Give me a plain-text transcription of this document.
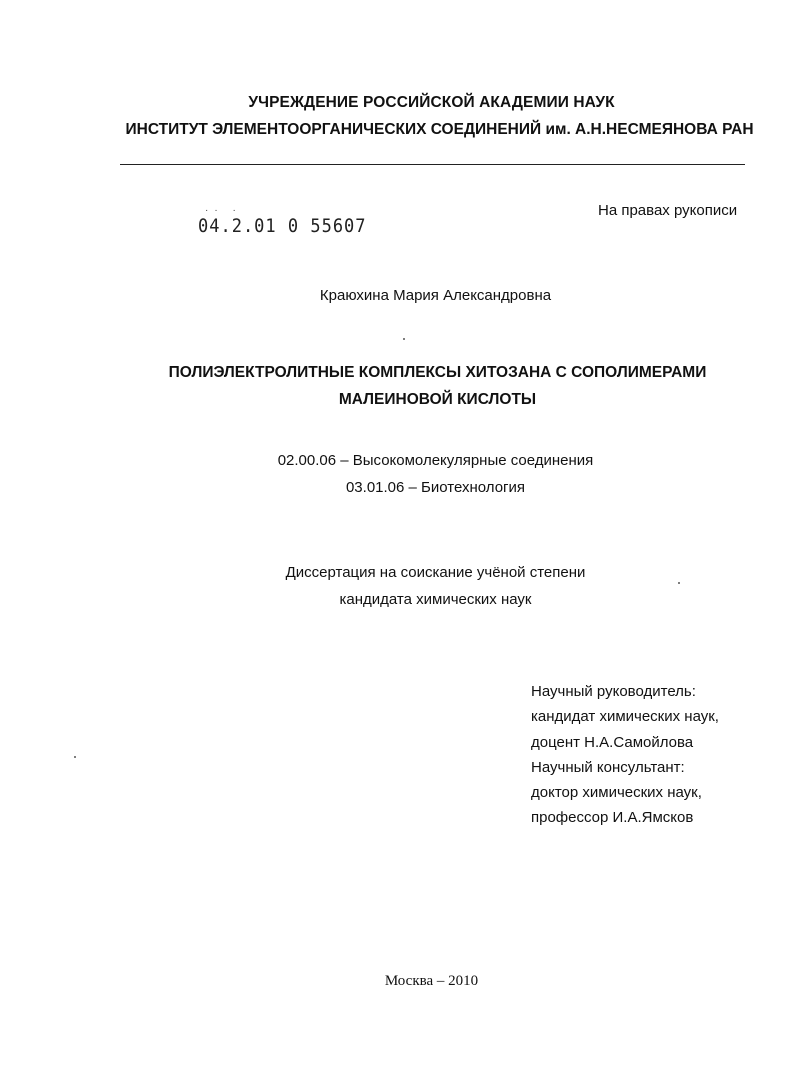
УЧРЕЖДЕНИЕ РОССИЙСКОЙ АКАДЕМИИ НАУК
ИНСТИТУТ ЭЛЕМЕНТООРГАНИЧЕСКИХ СОЕДИНЕНИЙ им. А.Н.НЕСМЕЯНОВА РАН
·· ·
04.2.01 0 55607
На правах рукописи
Краюхина Мария Александровна
ПОЛИЭЛЕКТРОЛИТНЫЕ КОМПЛЕКСЫ ХИТОЗАНА С СОПОЛИМЕРАМИ
МАЛЕИНОВОЙ КИСЛОТЫ
02.00.06 – Высокомолекулярные соединения
03.01.06 – Биотехнология
Диссертация на соискание учёной степени
кандидата химических наук
Научный руководитель:
кандидат химических наук,
доцент Н.А.Самойлова
Научный консультант:
доктор химических наук,
профессор И.А.Ямсков
Москва – 2010
